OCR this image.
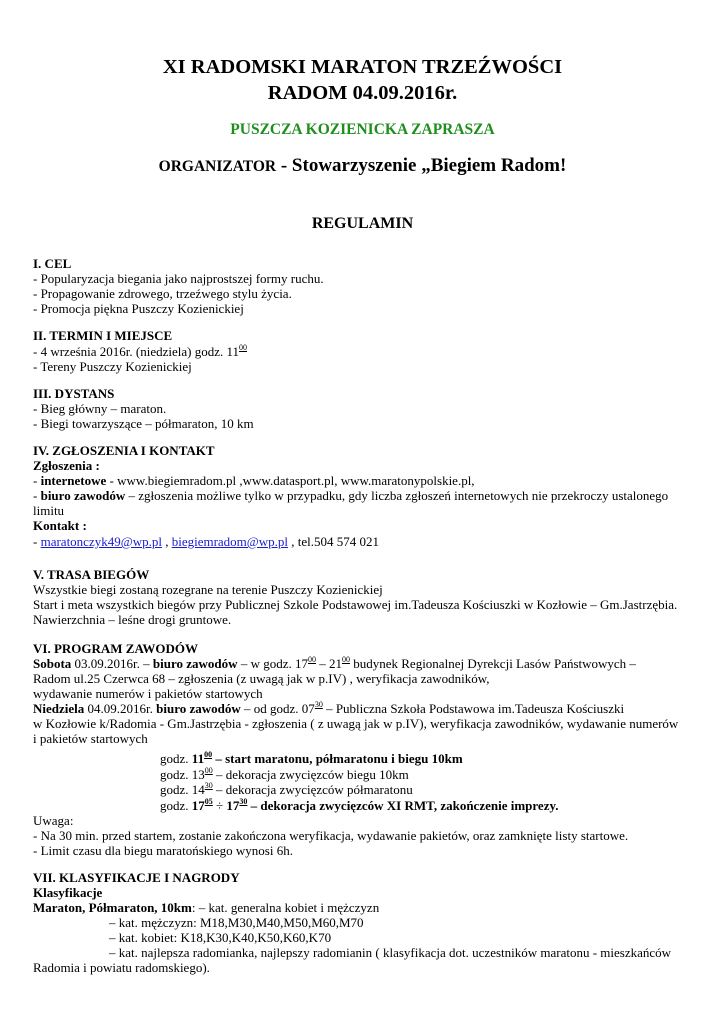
XI RADOMSKI MARATON TRZEŹWOŚCI
RADOM 04.09.2016r.
PUSZCZA KOZIENICKA ZAPRASZA
ORGANIZATOR - Stowarzyszenie „Biegiem Radom!
REGULAMIN
I. CEL
- Popularyzacja biegania jako najprostszej formy ruchu.
- Propagowanie zdrowego, trzeźwego stylu życia.
- Promocja piękna Puszczy Kozienickiej
II. TERMIN I MIEJSCE
- 4 września 2016r. (niedziela) godz. $11^{00}$
- Tereny Puszczy Kozienickiej
III. DYSTANS
- Bieg główny – maraton.
- Biegi towarzyszące – półmaraton, 10 km
IV. ZGŁOSZENIA I KONTAKT
Zgłoszenia :
- internetowe - www.biegiemradom.pl ,www.datasport.pl, www.maratonypolskie.pl,
- biuro zawodów – zgłoszenia możliwe tylko w przypadku, gdy liczba zgłoszeń internetowych nie przekroczy ustalonego
limitu
Kontakt :
- maratonczyk49@wp.pl , biegiemradom@wp.pl , tel.504 574 021
V. TRASA BIEGÓW
Wszystkie biegi zostaną rozegrane na terenie Puszczy Kozienickiej
Start i meta wszystkich biegów przy Publicznej Szkole Podstawowej im.Tadeusza Kościuszki w Kozłowie – Gm.Jastrzębia.
Nawierzchnia – leśne drogi gruntowe.
VI. PROGRAM ZAWODÓW
Sobota 03.09.2016r. – biuro zawodów – w godz. $17^{00} - 21^{00}$ budynek Regionalnej Dyrekcji Lasów Państwowych –
Radom ul.25 Czerwca 68 – zgłoszenia (z uwagą jak w p.IV) , weryfikacja zawodników,
wydawanie numerów i pakietów startowych
Niedziela 04.09.2016r. biuro zawodów – od godz. $07^{30}$ – Publiczna Szkoła Podstawowa im.Tadeusza Kościuszki
w Kozłowie k/Radomia - Gm.Jastrzębia - zgłoszenia ( z uwagą jak w p.IV), weryfikacja zawodników, wydawanie numerów
i pakietów startowych
godz. $11^{00}$ – start maratonu, półmaratonu i biegu 10km
godz. $13^{00}$ – dekoracja zwycięzców biegu 10km
godz. $14^{30}$ – dekoracja zwycięzców półmaratonu
godz. $17^{05} \div 17^{30}$ – dekoracja zwycięzców XI RMT, zakończenie imprezy.
Uwaga:
- Na 30 min. przed startem, zostanie zakończona weryfikacja, wydawanie pakietów, oraz zamknięte listy startowe.
- Limit czasu dla biegu maratońskiego wynosi 6h.
VII. KLASYFIKACJE I NAGRODY
Klasyfikacje
Maraton, Półmaraton, 10km: – kat. generalna kobiet i mężczyzn
– kat. mężczyzn: M18,M30,M40,M50,M60,M70
– kat. kobiet: K18,K30,K40,K50,K60,K70
– kat. najlepsza radomianka, najlepszy radomianin ( klasyfikacja dot. uczestników maratonu - mieszkańców
Radomia i powiatu radomskiego).
